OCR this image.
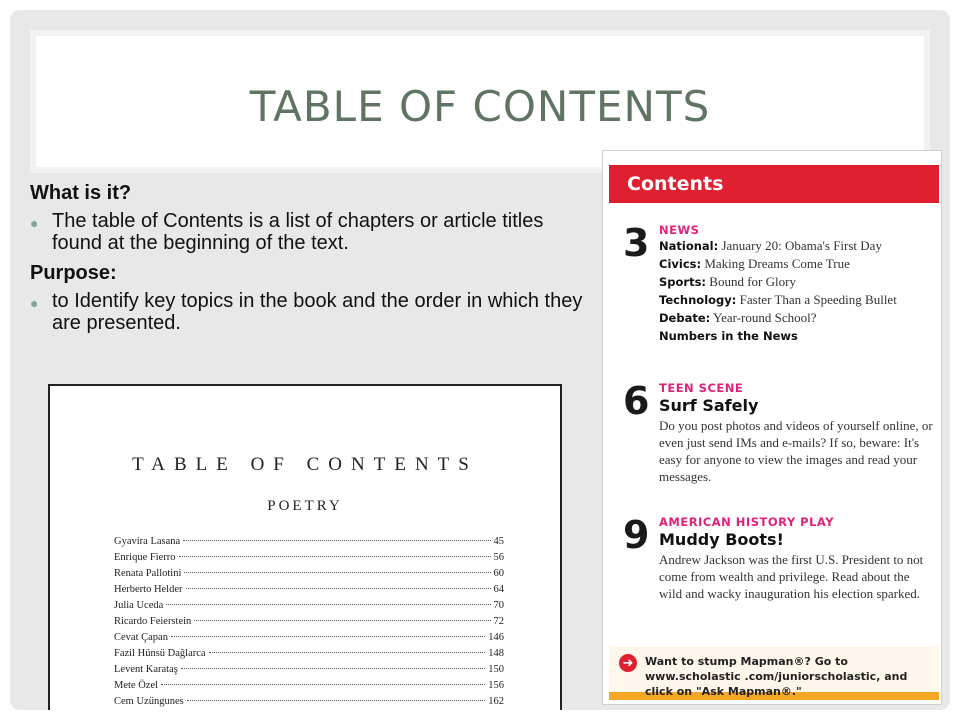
TABLE OF CONTENTS
What is it?
● The table of Contents is a list of chapters or article titles found at the beginning of the text.
Purpose:
● to Identify key topics in the book and the order in which they are presented.
TABLE OF CONTENTS
POETRY
Gyavira Lasana	45
Enrique Fierro	56
Renata Pallotini	60
Herberto Helder	64
Julia Uceda	70
Ricardo Feierstein	72
Cevat Çapan	146
Fazil Hünsü Dağlarca	148
Levent Karataş	150
Mete Özel	156
Cem Uzüngunes	162
Contents
3 NEWS
National: January 20: Obama's First Day
Civics: Making Dreams Come True
Sports: Bound for Glory
Technology: Faster Than a Speeding Bullet
Debate: Year-round School?
Numbers in the News
6 TEEN SCENE
Surf Safely
Do you post photos and videos of yourself online, or even just send IMs and e-mails? If so, beware: It's easy for anyone to view the images and read your messages.
9 AMERICAN HISTORY PLAY
Muddy Boots!
Andrew Jackson was the first U.S. President to not come from wealth and privilege. Read about the wild and wacky inauguration his election sparked.
➜	Want to stump Mapman®? Go to www.scholastic .com/juniorscholastic, and click on "Ask Mapman®."
